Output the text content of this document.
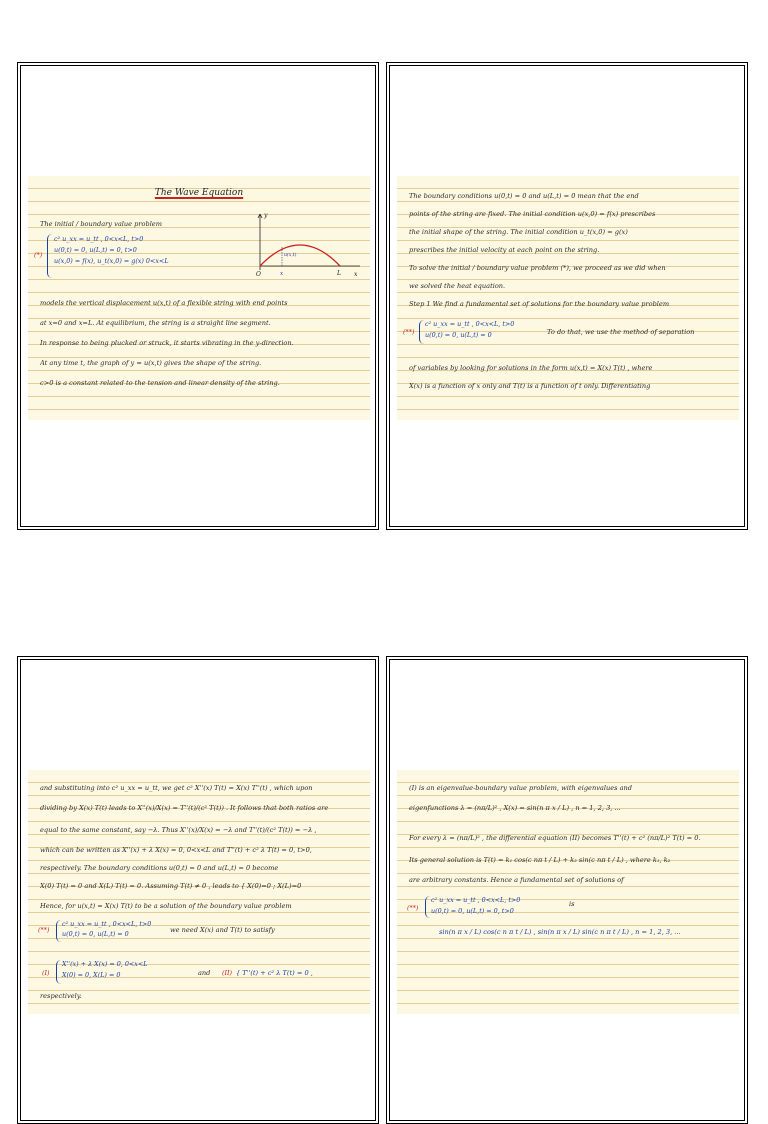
The Wave Equation
The initial / boundary value problem
(*)
c² u_xx = u_tt , 0<x<L, t>0
u(0,t) = 0, u(L,t) = 0, t>0
u(x,0) = f(x), u_t(x,0) = g(x) 0<x<L
y
x
O	x	L
u(x,t)
models the vertical displacement u(x,t) of a flexible string with end points
at x=0 and x=L. At equilibrium, the string is a straight line segment.
In response to being plucked or struck, it starts vibrating in the y-direction.
At any time t, the graph of y = u(x,t) gives the shape of the string.
c>0 is a constant related to the tension and linear density of the string.
The boundary conditions u(0,t) = 0 and u(L,t) = 0 mean that the end
points of the string are fixed. The initial condition u(x,0) = f(x) prescribes
the initial shape of the string. The initial condition u_t(x,0) = g(x)
prescribes the initial velocity at each point on the string.
To solve the initial / boundary value problem (*), we proceed as we did when
we solved the heat equation.
Step 1 We find a fundamental set of solutions for the boundary value problem
(**)
c² u_xx = u_tt , 0<x<L, t>0
u(0,t) = 0, u(L,t) = 0	To do that, we use the method of separation
of variables by looking for solutions in the form u(x,t) = X(x) T(t) , where
X(x) is a function of x only and T(t) is a function of t only. Differentiating
and substituting into c² u_xx = u_tt, we get c² X''(x) T(t) = X(x) T''(t) , which upon
dividing by X(x) T(t) leads to X''(x)/X(x) = T''(t)/(c² T(t)) . It follows that both ratios are
equal to the same constant, say −λ. Thus X''(x)/X(x) = −λ and T''(t)/(c² T(t)) = −λ ,
which can be written as X''(x) + λ X(x) = 0, 0<x<L and T''(t) + c² λ T(t) = 0, t>0,
respectively. The boundary conditions u(0,t) = 0 and u(L,t) = 0 become
X(0) T(t) = 0 and X(L) T(t) = 0. Assuming T(t) ≠ 0 , leads to { X(0)=0 ; X(L)=0
Hence, for u(x,t) = X(x) T(t) to be a solution of the boundary value problem
(**)
c² u_xx = u_tt , 0<x<L, t>0
u(0,t) = 0, u(L,t) = 0	we need X(x) and T(t) to satisfy
(I)
X''(x) + λ X(x) = 0, 0<x<L
X(0) = 0, X(L) = 0	and	(II) { T''(t) + c² λ T(t) = 0 ,
respectively.
(I) is an eigenvalue-boundary value problem, with eigenvalues and
eigenfunctions λ = (nπ/L)² , X(x) = sin(n π x / L) , n = 1, 2, 3, ...
For every λ = (nπ/L)² , the differential equation (II) becomes T''(t) + c² (nπ/L)² T(t) = 0.
Its general solution is T(t) = k₁ cos(c nπ t / L) + k₂ sin(c nπ t / L) , where k₁, k₂
are arbitrary constants. Hence a fundamental set of solutions of
(**)
c² u_xx = u_tt , 0<x<L, t>0
u(0,t) = 0, u(L,t) = 0, t>0
is
sin(n π x / L) cos(c n π t / L) , sin(n π x / L) sin(c n π t / L) , n = 1, 2, 3, ...
